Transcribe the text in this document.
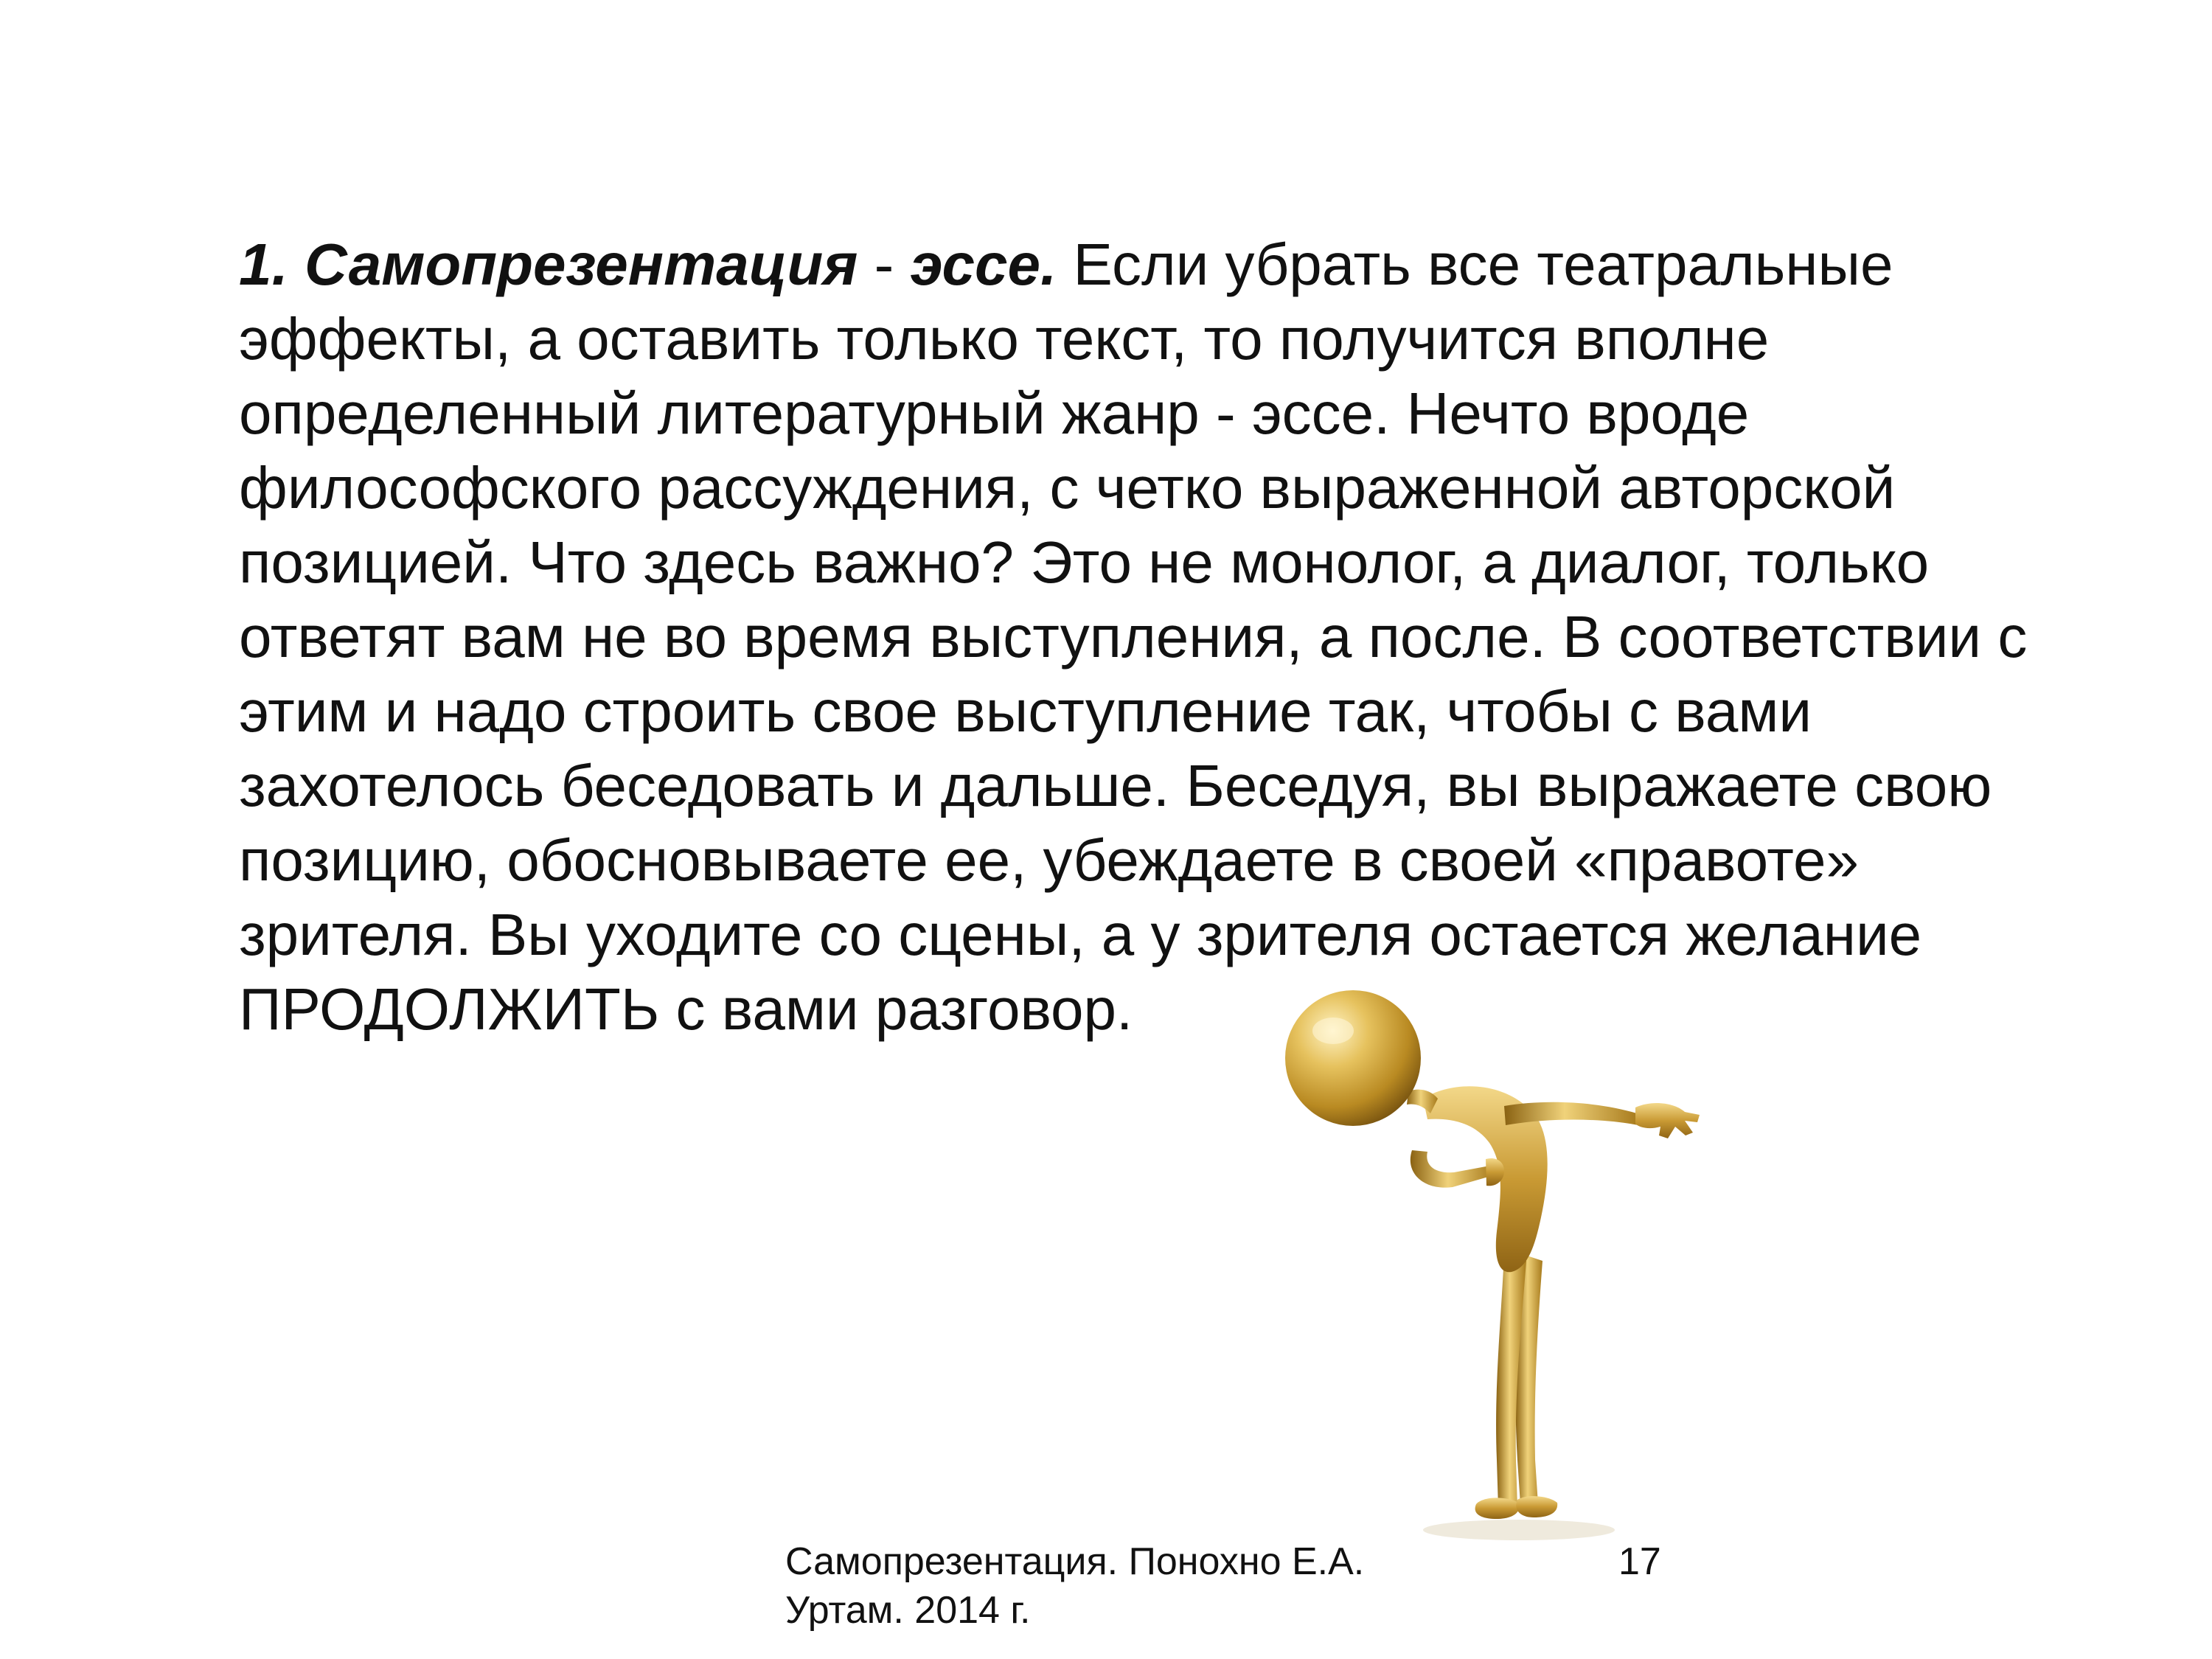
1. Самопрезентация - эссе. Если убрать все театральные
эффекты, а оставить только текст, то получится вполне
определенный литературный жанр - эссе. Нечто вроде
философского рассуждения, с четко выраженной авторской
позицией. Что здесь важно? Это не монолог, а диалог, только
ответят вам не во время выступления, а после. В соответствии с
этим и надо строить свое выступление так, чтобы с вами
захотелось беседовать и дальше. Беседуя, вы выражаете свою
позицию, обосновываете ее, убеждаете в своей «правоте»
зрителя. Вы уходите со сцены, а у зрителя остается желание
ПРОДОЛЖИТЬ с вами разговор.
Самопрезентация. Понохно Е.А.
Уртам. 2014 г.
17
